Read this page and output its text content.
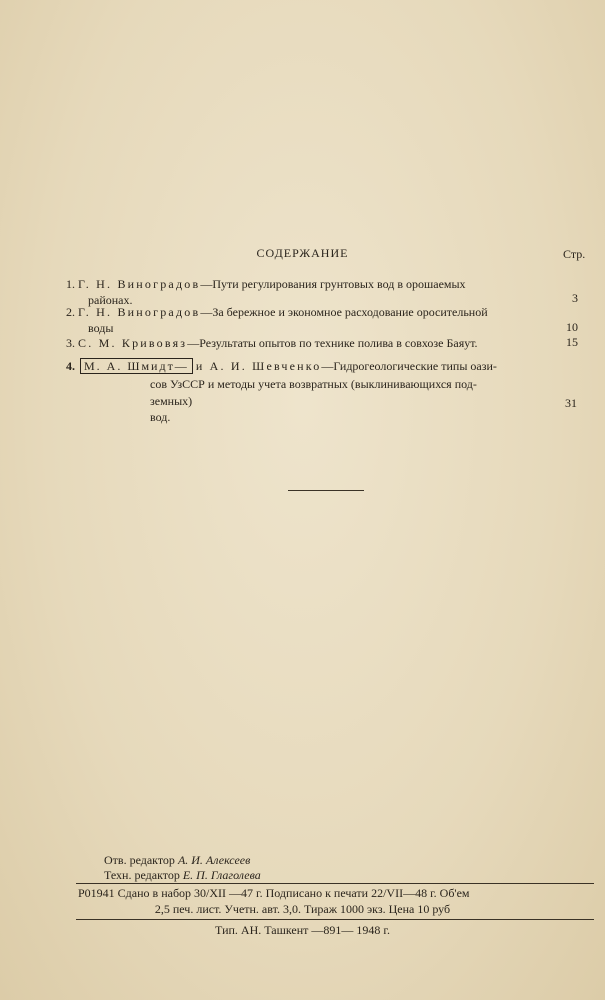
СОДЕРЖАНИЕ	Стр.
1. Г. Н. Виноградов—Пути регулирования грунтовых вод в орошаемых
районах.	3
2. Г. Н. Виноградов—За бережное и экономное расходование оросительной
воды	10
3. С. М. Кривовяз—Результаты опытов по технике полива в совхозе Баяут.	15
4. М. А. Шмидт— и А. И. Шевченко—Гидрогеологические типы оази-
сов УзССР и методы учета возвратных (выклинивающихся под-
земных) вод.
31
Отв. редактор А. И. Алексеев
Техн. редактор Е. П. Глаголева
Р01941 Сдано в набор 30/XII —47 г. Подписано к печати 22/VII—48 г. Об'ем
2,5 печ. лист. Учетн. авт. 3,0. Тираж 1000 экз. Цена 10 руб
Тип. АН. Ташкент —891— 1948 г.
